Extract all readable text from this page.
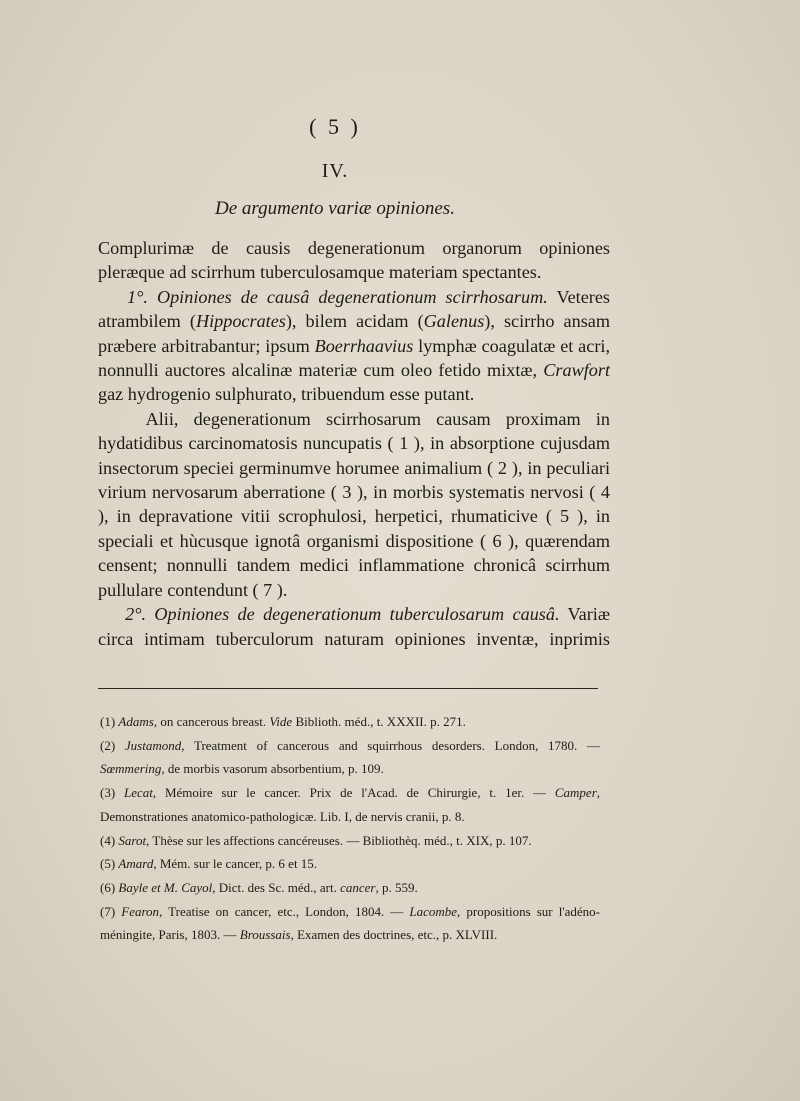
( 5 )
IV.
De argumento variæ opiniones.

Complurimæ de causis degenerationum organorum opiniones pleræque ad scirrhum tuberculosamque materiam spectantes.

1°. Opiniones de causâ degenerationum scirrhosarum. Veteres atrambilem (Hippocrates), bilem acidam (Galenus), scirrho ansam præbere arbitrabantur; ipsum Boerrhaavius lymphæ coagulatæ et acri, nonnulli auctores alcalinæ materiæ cum oleo fetido mixtæ, Crawfort gaz hydrogenio sulphurato, tribuendum esse putant.

Alii, degenerationum scirrhosarum causam proximam in hydatidibus carcinomatosis nuncupatis ( 1 ), in absorptione cujusdam insectorum speciei germinumve horumee animalium ( 2 ), in peculiari virium nervosarum aberratione ( 3 ), in morbis systematis nervosi ( 4 ), in depravatione vitii scrophulosi, herpetici, rhumaticive ( 5 ), in speciali et hùcusque ignotâ organismi dispositione ( 6 ), quærendam censent; nonnulli tandem medici inflammatione chronicâ scirrhum pullulare contendunt ( 7 ).

2°. Opiniones de degenerationum tuberculosarum causâ. Variæ circa intimam tuberculorum naturam opiniones inventæ, inprimis

(1) Adams, on cancerous breast. Vide Biblioth. méd., t. XXXII. p. 271.

(2) Justamond, Treatment of cancerous and squirrhous desorders. London, 1780. — Sœmmering, de morbis vasorum absorbentium, p. 109.

(3) Lecat, Mémoire sur le cancer. Prix de l'Acad. de Chirurgie, t. 1er. — Camper, Demonstrationes anatomico-pathologicæ. Lib. I, de nervis cranii, p. 8.

(4) Sarot, Thèse sur les affections cancéreuses. — Bibliothèq. méd., t. XIX, p. 107.

(5) Amard, Mém. sur le cancer, p. 6 et 15.

(6) Bayle et M. Cayol, Dict. des Sc. méd., art. cancer, p. 559.

(7) Fearon, Treatise on cancer, etc., London, 1804. — Lacombe, propositions sur l'adéno-méningite, Paris, 1803. — Broussais, Examen des doctrines, etc., p. XLVIII.
